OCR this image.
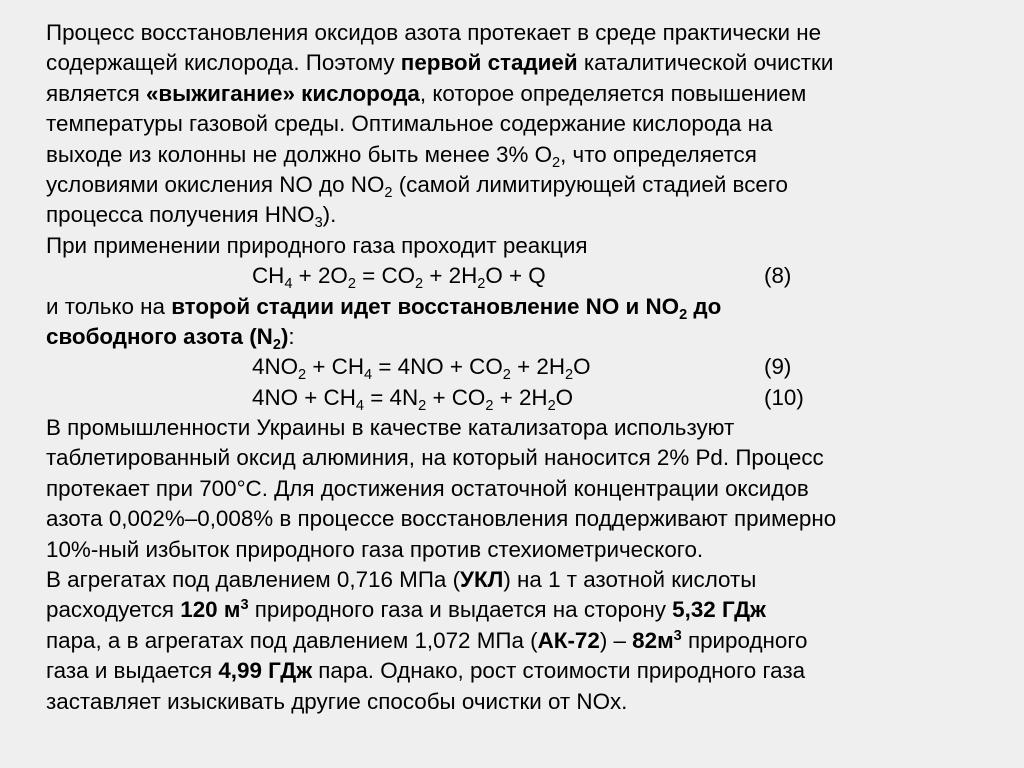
Процесс восстановления оксидов азота протекает в среде практически не
содержащей кислорода. Поэтому первой стадией каталитической очистки
является «выжигание» кислорода, которое определяется повышением
температуры газовой среды. Оптимальное содержание кислорода на
выходе из колонны не должно быть менее 3% $O_2$, что определяется
условиями окисления NO до $NO_2$ (самой лимитирующей стадией всего
процесса получения $HNO_3$).
При применении природного газа проходит реакция
$CH_4 + 2O_2 = CO_2 + 2H_2O + Q$	(8)
и только на второй стадии идет восстановление NO и $NO_2$ до
свободного азота $(N_2)$:
$4NO_2 + CH_4 = 4NO + CO_2 + 2H_2O$	(9)
$4NO + CH_4 = 4N_2 + CO_2 + 2H_2O$	(10)
В промышленности Украины в качестве катализатора используют
таблетированный оксид алюминия, на который наносится 2% Pd. Процесс
протекает при 700°С. Для достижения остаточной концентрации оксидов
азота 0,002%–0,008% в процессе восстановления поддерживают примерно
10%-ный избыток природного газа против стехиометрического.
В агрегатах под давлением 0,716 МПа (УКЛ) на 1 т азотной кислоты
расходуется 120 $м^3$ природного газа и выдается на сторону 5,32 ГДж
пара, а в агрегатах под давлением 1,072 МПа $(АК-72) - 82м^3$ природного
газа и выдается 4,99 ГДж пара. Однако, рост стоимости природного газа
заставляет изыскивать другие способы очистки от NOx.
